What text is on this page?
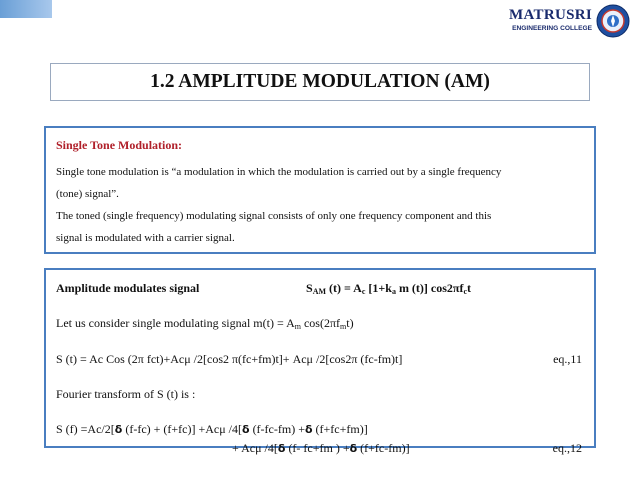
MATRUSRI
ENGINEERING COLLEGE
1.2 AMPLITUDE MODULATION (AM)

Single Tone Modulation:

Single tone modulation is “a modulation in which the modulation is carried out by a single frequency

(tone) signal”.

The toned (single frequency) modulating signal consists of only one frequency component and this

signal is modulated with a carrier signal.

Amplitude modulates signal	$S_{AM}$ $(t) = A_c$ [$1+k_a$ m (t)] $\cos 2\pi f_ct$
Let us consider single modulating signal $m(t) = A_m$ $\cos(2\pi f_mt)$
S (t) = Ac Cos (2π fct)+Acμ /2[cos2 π(fc+fm)t]+ Acμ /2[cos2π (fc-fm)t]	eq.,11
Fourier transform of S (t) is :
S (f) =Ac/2[δ (f-fc) + (f+fc)] +Acμ /4[δ (f-fc-fm) +δ (f+fc+fm)]
+ Acμ /4[δ (f- fc+fm ) +δ (f+fc-fm)]	eq.,12
